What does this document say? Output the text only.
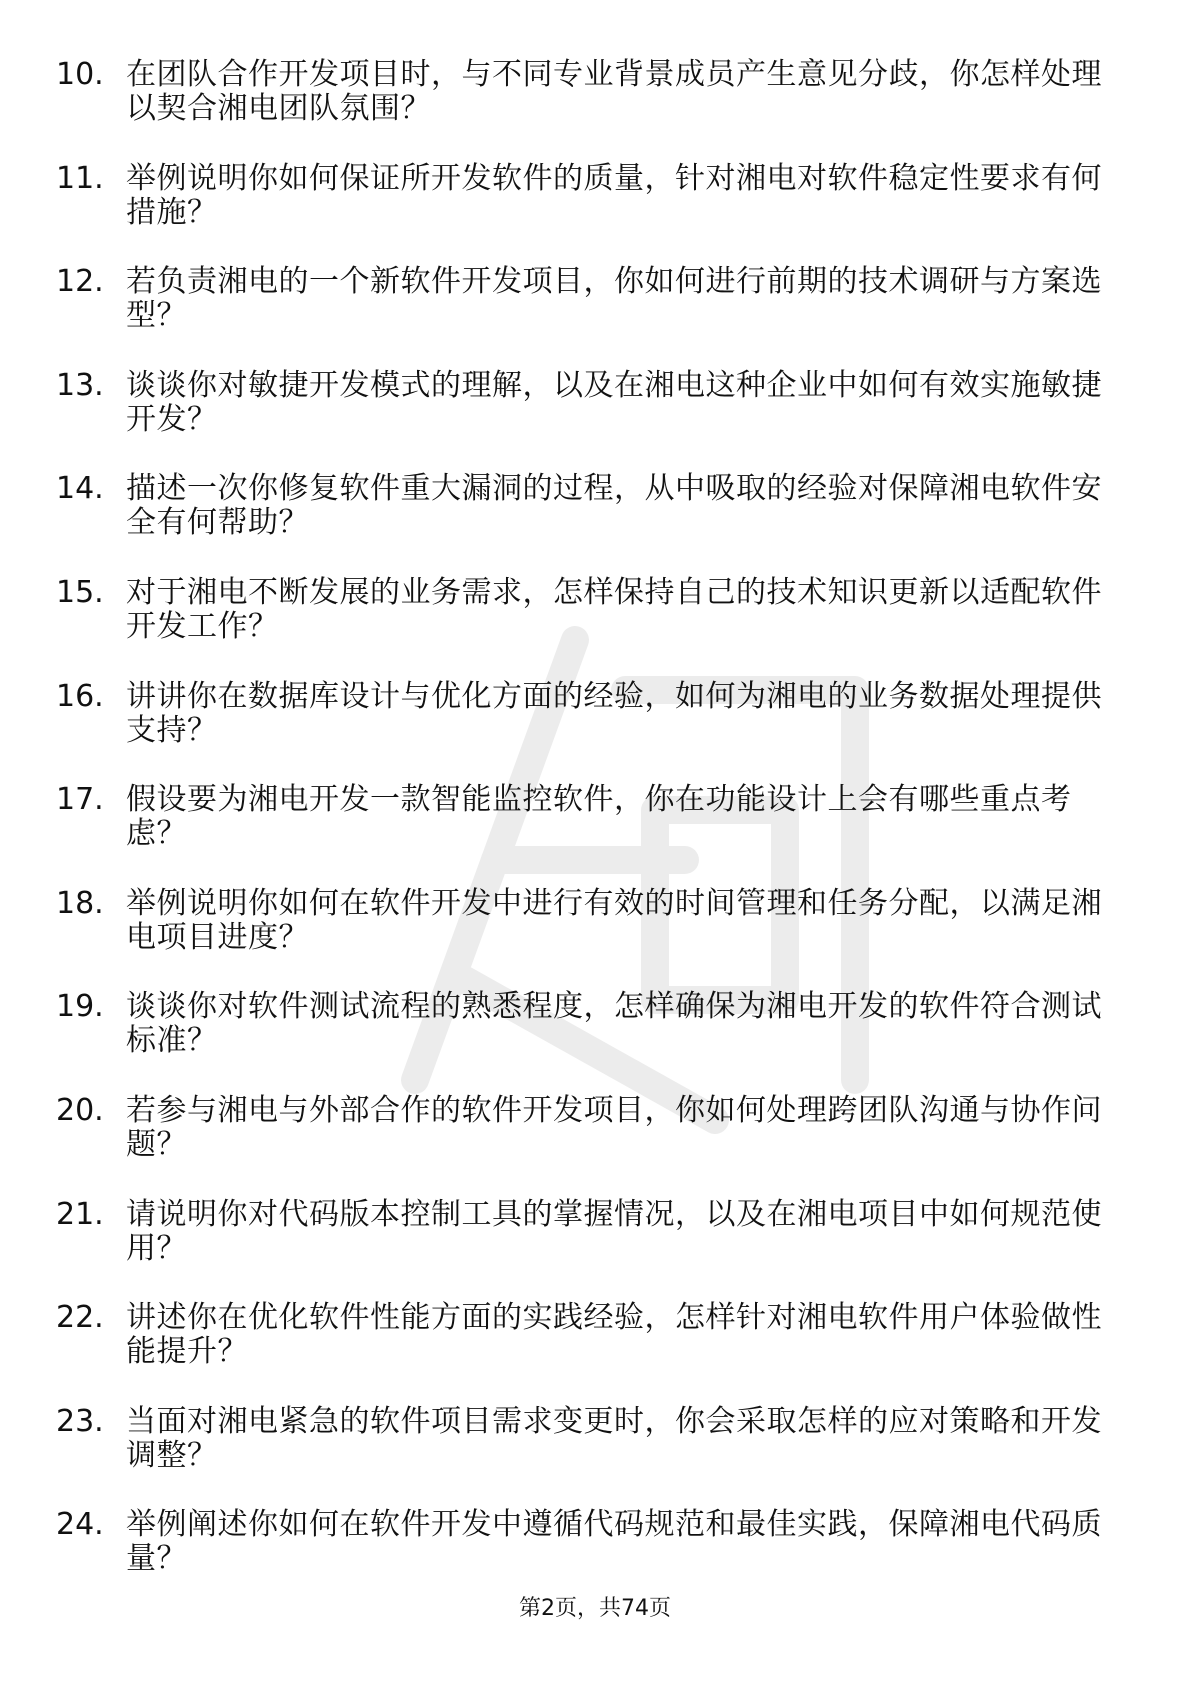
10. 在团队合作开发项目时，与不同专业背景成员产生意见分歧，你怎样处理以契合湘电团队氛围？
11. 举例说明你如何保证所开发软件的质量，针对湘电对软件稳定性要求有何措施？
12. 若负责湘电的一个新软件开发项目，你如何进行前期的技术调研与方案选型？
13. 谈谈你对敏捷开发模式的理解，以及在湘电这种企业中如何有效实施敏捷开发？
14. 描述一次你修复软件重大漏洞的过程，从中吸取的经验对保障湘电软件安全有何帮助？
15. 对于湘电不断发展的业务需求，怎样保持自己的技术知识更新以适配软件开发工作？
16. 讲讲你在数据库设计与优化方面的经验，如何为湘电的业务数据处理提供支持？
17. 假设要为湘电开发一款智能监控软件，你在功能设计上会有哪些重点考虑？
18. 举例说明你如何在软件开发中进行有效的时间管理和任务分配，以满足湘电项目进度？
19. 谈谈你对软件测试流程的熟悉程度，怎样确保为湘电开发的软件符合测试标准？
20. 若参与湘电与外部合作的软件开发项目，你如何处理跨团队沟通与协作问题？
21. 请说明你对代码版本控制工具的掌握情况，以及在湘电项目中如何规范使用？
22. 讲述你在优化软件性能方面的实践经验，怎样针对湘电软件用户体验做性能提升？
23. 当面对湘电紧急的软件项目需求变更时，你会采取怎样的应对策略和开发调整？
24. 举例阐述你如何在软件开发中遵循代码规范和最佳实践，保障湘电代码质量？
第2页，共74页
